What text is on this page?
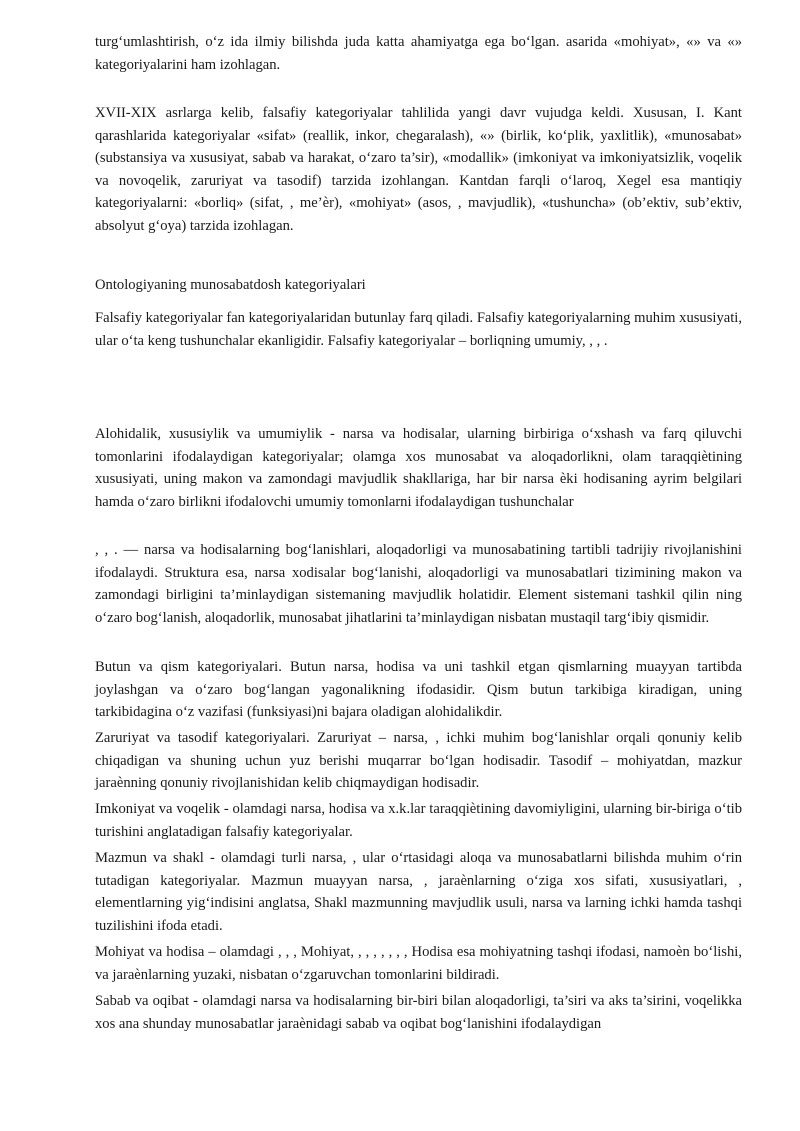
turg‘umlashtirish, o‘z ida ilmiy bilishda juda katta ahamiyatga ega bo‘lgan. asarida «mohiyat», «» va «» kategoriyalarini ham izohlagan.

XVII-XIX asrlarga kelib, falsafiy kategoriyalar tahlilida yangi davr vujudga keldi. Xususan, I. Kant qarashlarida kategoriyalar «sifat» (reallik, inkor, chegaralash), «» (birlik, ko‘plik, yaxlitlik), «munosabat» (substansiya va xususiyat, sabab va harakat, o‘zaro ta’sir), «modallik» (imkoniyat va imkoniyatsizlik, voqelik va novoqelik, zaruriyat va tasodif) tarzida izohlangan. Kantdan farqli o‘laroq, Xegel esa mantiqiy kategoriyalarni: «borliq» (sifat, , me’èr), «mohiyat» (asos, , mavjudlik), «tushuncha» (ob’ektiv, sub’ektiv, absolyut g‘oya) tarzida izohlagan.

Ontologiyaning munosabatdosh kategoriyalari

Falsafiy kategoriyalar fan kategoriyalaridan butunlay farq qiladi. Falsafiy kategoriyalarning muhim xususiyati, ular o‘ta keng tushunchalar ekanligidir. Falsafiy kategoriyalar – borliqning umumiy, , , .

Alohidalik, xususiylik va umumiylik - narsa va hodisalar, ularning birbiriga o‘xshash va farq qiluvchi tomonlarini ifodalaydigan kategoriyalar; olamga xos munosabat va aloqadorlikni, olam taraqqiètining xususiyati, uning makon va zamondagi mavjudlik shakllariga, har bir narsa èki hodisaning ayrim belgilari hamda o‘zaro birlikni ifodalovchi umumiy tomonlarni ifodalaydigan tushunchalar

, , . — narsa va hodisalarning bog‘lanishlari, aloqadorligi va munosabatining tartibli tadrijiy rivojlanishini ifodalaydi. Struktura esa, narsa xodisalar bog‘lanishi, aloqadorligi va munosabatlari tizimining makon va zamondagi birligini ta’minlaydigan sistemaning mavjudlik holatidir. Element sistemani tashkil qilin ning o‘zaro bog‘lanish, aloqadorlik, munosabat jihatlarini ta’minlaydigan nisbatan mustaqil targ‘ibiy qismidir.

Butun va qism kategoriyalari. Butun narsa, hodisa va uni tashkil etgan qismlarning muayyan tartibda joylashgan va o‘zaro bog‘langan yagonalikning ifodasidir. Qism butun tarkibiga kiradigan, uning tarkibidagina o‘z vazifasi (funksiyasi)ni bajara oladigan alohidalikdir.

Zaruriyat va tasodif kategoriyalari. Zaruriyat – narsa, , ichki muhim bog‘lanishlar orqali qonuniy kelib chiqadigan va shuning uchun yuz berishi muqarrar bo‘lgan hodisadir. Tasodif – mohiyatdan, mazkur jaraènning qonuniy rivojlanishidan kelib chiqmaydigan hodisadir.

Imkoniyat va voqelik - olamdagi narsa, hodisa va x.k.lar taraqqiètining davomiyligini, ularning bir-biriga o‘tib turishini anglatadigan falsafiy kategoriyalar.

Mazmun va shakl - olamdagi turli narsa, , ular o‘rtasidagi aloqa va munosabatlarni bilishda muhim o‘rin tutadigan kategoriyalar. Mazmun muayyan narsa, , jaraènlarning o‘ziga xos sifati, xususiyatlari, , elementlarning yig‘indisini anglatsa, Shakl mazmunning mavjudlik usuli, narsa va larning ichki hamda tashqi tuzilishini ifoda etadi.

Mohiyat va hodisa – olamdagi , , , Mohiyat, , , , , , , , Hodisa esa mohiyatning tashqi ifodasi, namoèn bo‘lishi, va jaraènlarning yuzaki, nisbatan o‘zgaruvchan tomonlarini bildiradi.

Sabab va oqibat - olamdagi narsa va hodisalarning bir-biri bilan aloqadorligi, ta’siri va aks ta’sirini, voqelikka xos ana shunday munosabatlar jaraènidagi sabab va oqibat bog‘lanishini ifodalaydigan
